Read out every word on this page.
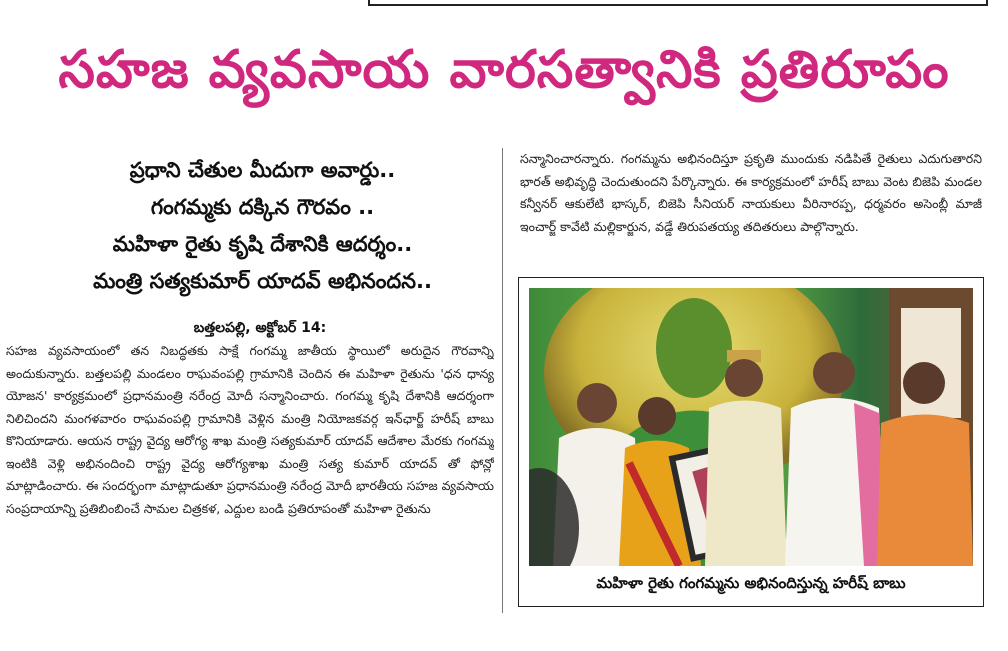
సహజ వ్యవసాయ వారసత్వానికి ప్రతిరూపం
ప్రధాని చేతుల మీదుగా అవార్డు..
గంగమ్మకు దక్కిన గౌరవం ..
మహిళా రైతు కృషి దేశానికి ఆదర్శం..
మంత్రి సత్యకుమార్ యాదవ్ అభినందన..
బత్తలపల్లి, అక్టోబర్ 14:

సహజ వ్యవసాయంలో తన నిబద్ధతకు సాక్షే గంగమ్మ జాతీయ స్థాయిలో అరుదైన గౌరవాన్ని అందుకున్నారు. బత్తలపల్లి మండలం రాఘవంపల్లి గ్రామానికి చెందిన ఈ మహిళా రైతును 'ధన ధాన్య యోజన' కార్యక్రమంలో ప్రధానమంత్రి నరేంద్ర మోదీ సన్మానించారు. గంగమ్మ కృషి దేశానికి ఆదర్శంగా నిలిచిందని మంగళవారం రాఘవంపల్లి గ్రామానికి వెళ్లిన మంత్రి నియోజకవర్గ ఇన్‌ఛార్జ్ హరీష్ బాబు కొనియాడారు. ఆయన రాష్ట్ర వైద్య ఆరోగ్య శాఖ మంత్రి సత్యకుమార్ యాదవ్ ఆదేశాల మేరకు గంగమ్మ ఇంటికి వెళ్లి అభినందించి రాష్ట్ర వైద్య ఆరోగ్యశాఖ మంత్రి సత్య కుమార్ యాదవ్ తో ఫోన్లో మాట్లాడించారు. ఈ సందర్భంగా మాట్లాడుతూ ప్రధానమంత్రి నరేంద్ర మోదీ భారతీయ సహజ వ్యవసాయ సంప్రదాయాన్ని ప్రతిబింబించే సామల చిత్రకళ, ఎద్దుల బండి ప్రతిరూపంతో మహిళా రైతును

సన్మానించారన్నారు. గంగమ్మను అభినందిస్తూ ప్రకృతి ముందుకు నడిపితే రైతులు ఎదుగుతారని భారత్ అభివృద్ధి చెందుతుందని పేర్కొన్నారు. ఈ కార్యక్రమంలో హరీష్ బాబు వెంట బిజెపి మండల కన్వీనర్ ఆకులేటి భాస్కర్, బిజెపి సీనియర్ నాయకులు వీరినారప్ప, ధర్మవరం అసెంబ్లీ మాజీ ఇంచార్జ్ కావేటి మల్లికార్జున, వడ్డే తిరుపతయ్య తదితరులు పాల్గొన్నారు.

మహిళా రైతు గంగమ్మను అభినందిస్తున్న హరీష్ బాబు
